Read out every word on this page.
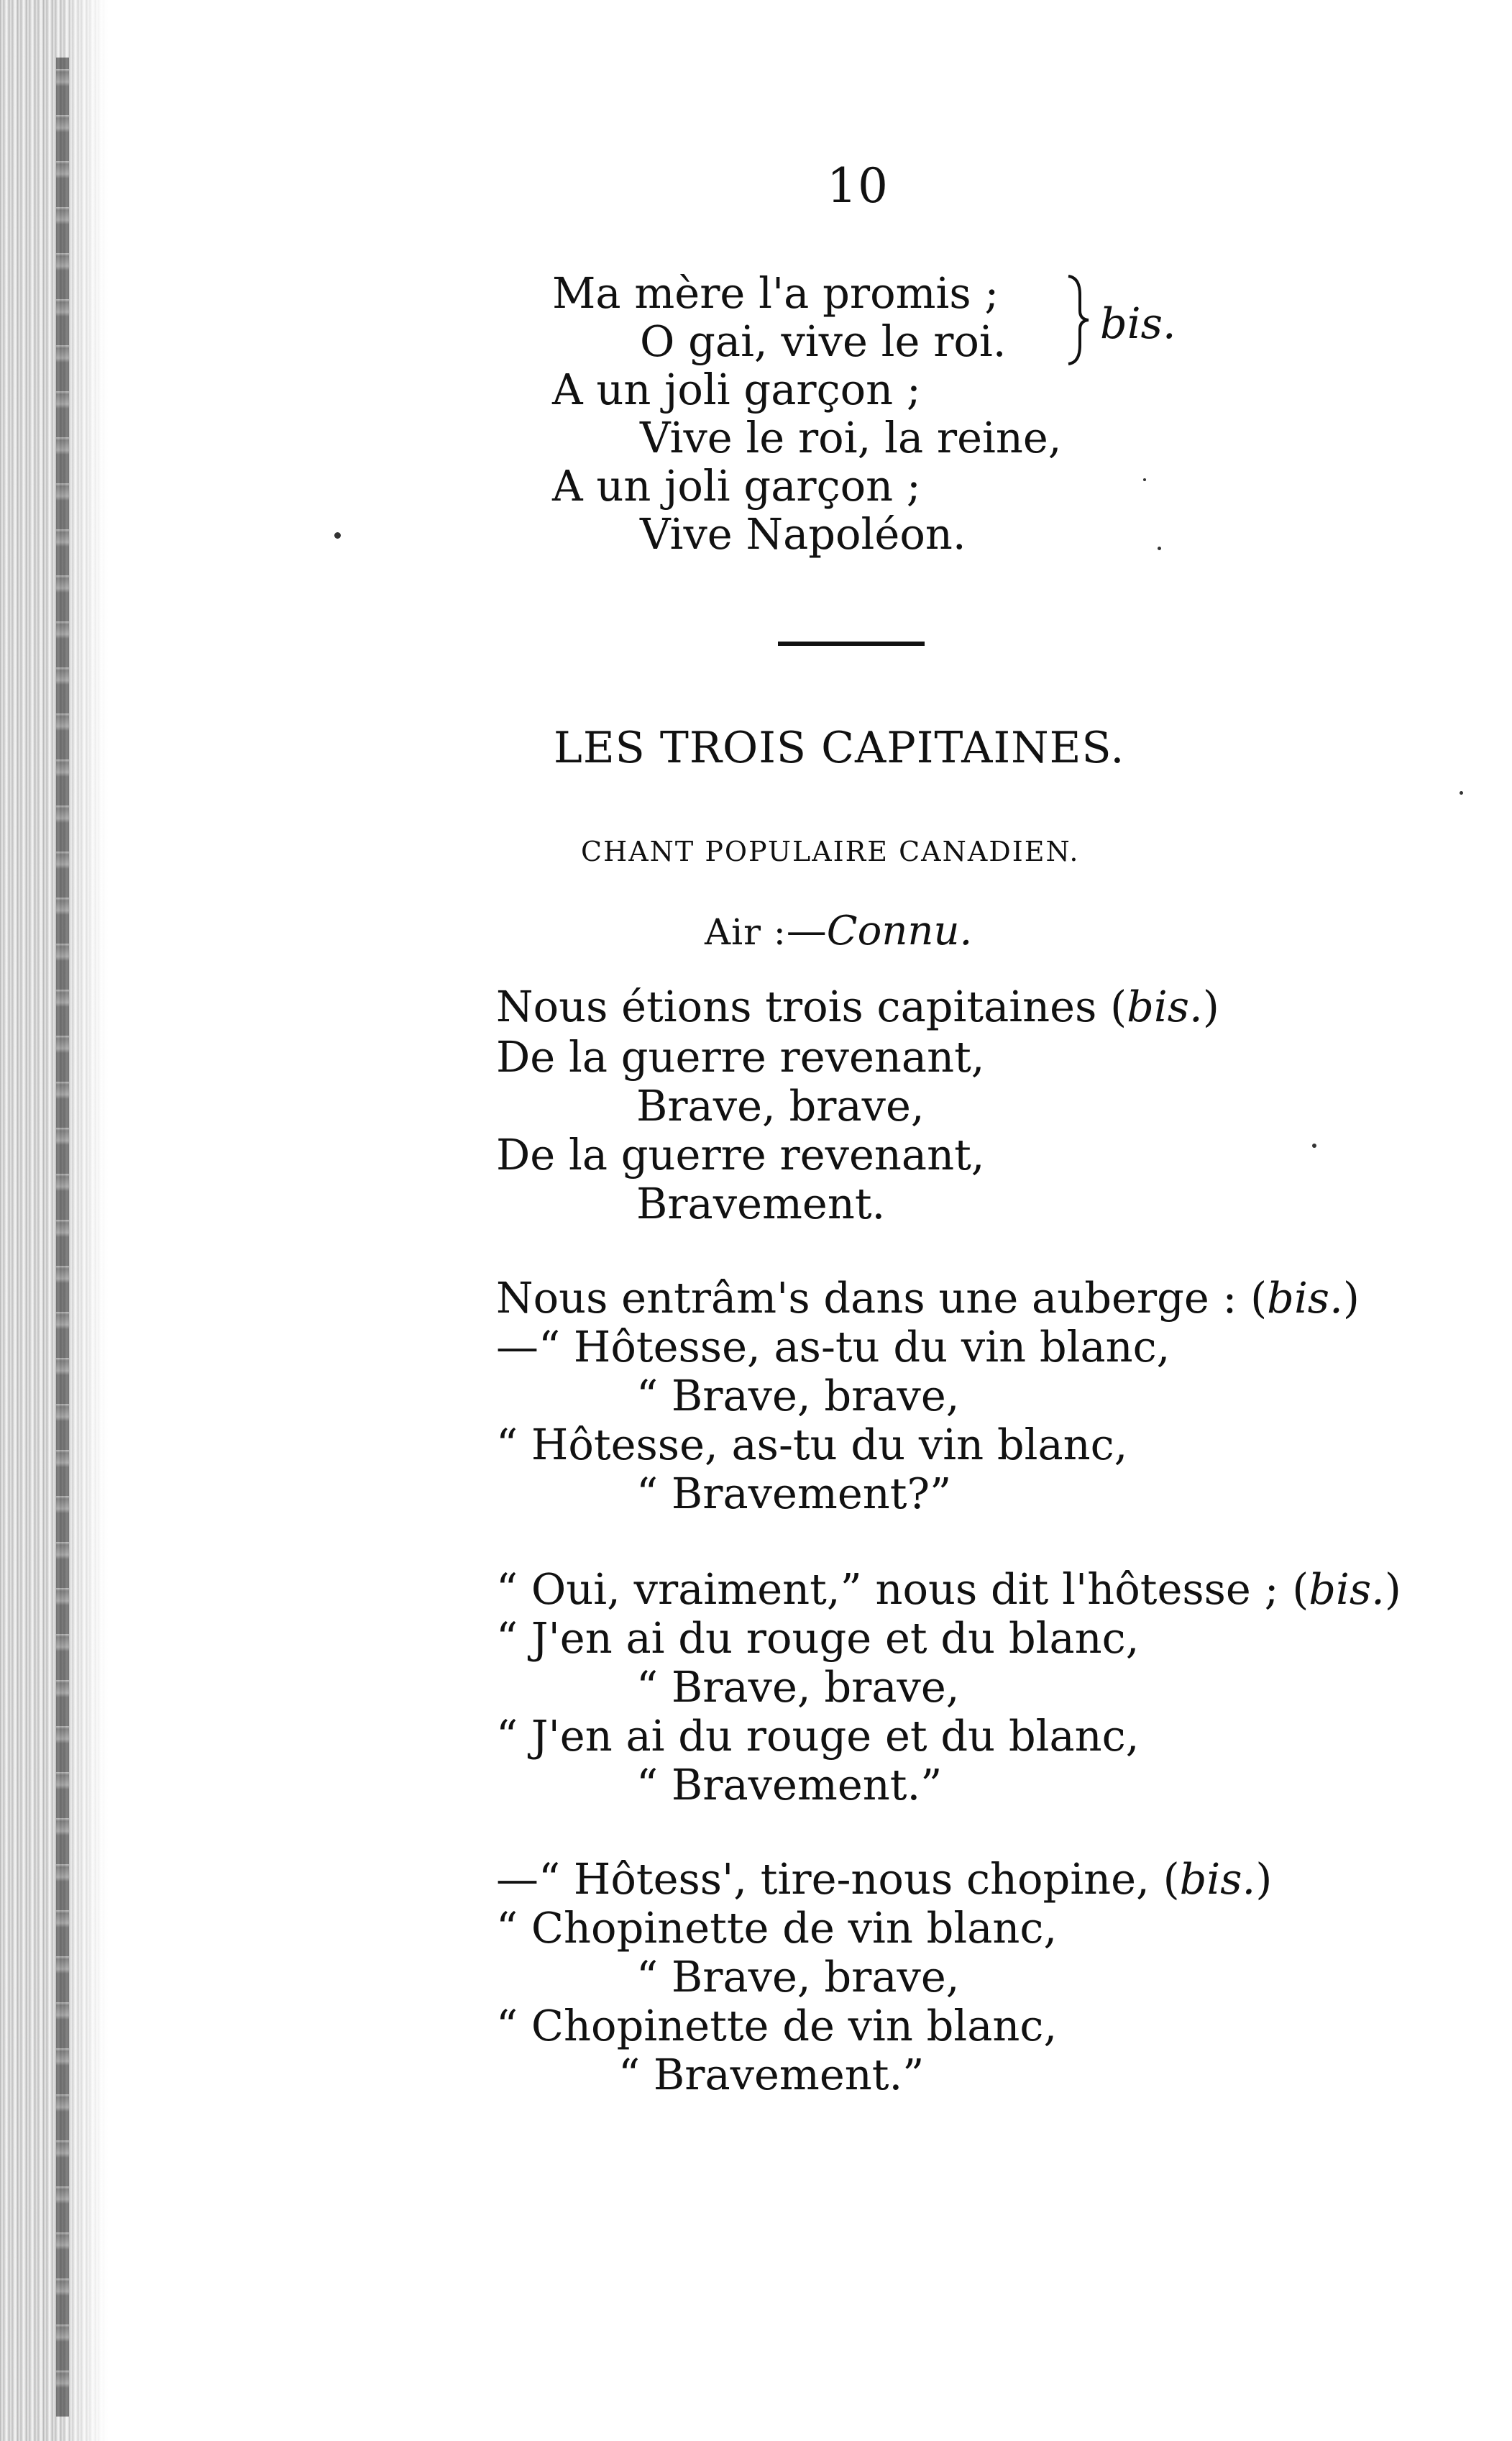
10
Ma mère l'a promis ;
O gai, vive le roi.
A un joli garçon ;
Vive le roi, la reine,
A un joli garçon ;
Vive Napoléon.
bis.
LES TROIS CAPITAINES.
CHANT POPULAIRE CANADIEN.
Air :—Connu.
Nous étions trois capitaines (bis.)
De la guerre revenant,
Brave, brave,
De la guerre revenant,
Bravement.
Nous entrâm's dans une auberge : (bis.)
—“ Hôtesse, as-tu du vin blanc,
“ Brave, brave,
“ Hôtesse, as-tu du vin blanc,
“ Bravement?”
“ Oui, vraiment,” nous dit l'hôtesse ; (bis.)
“ J'en ai du rouge et du blanc,
“ Brave, brave,
“ J'en ai du rouge et du blanc,
“ Bravement.”
—“ Hôtess', tire-nous chopine, (bis.)
“ Chopinette de vin blanc,
“ Brave, brave,
“ Chopinette de vin blanc,
“ Bravement.”
